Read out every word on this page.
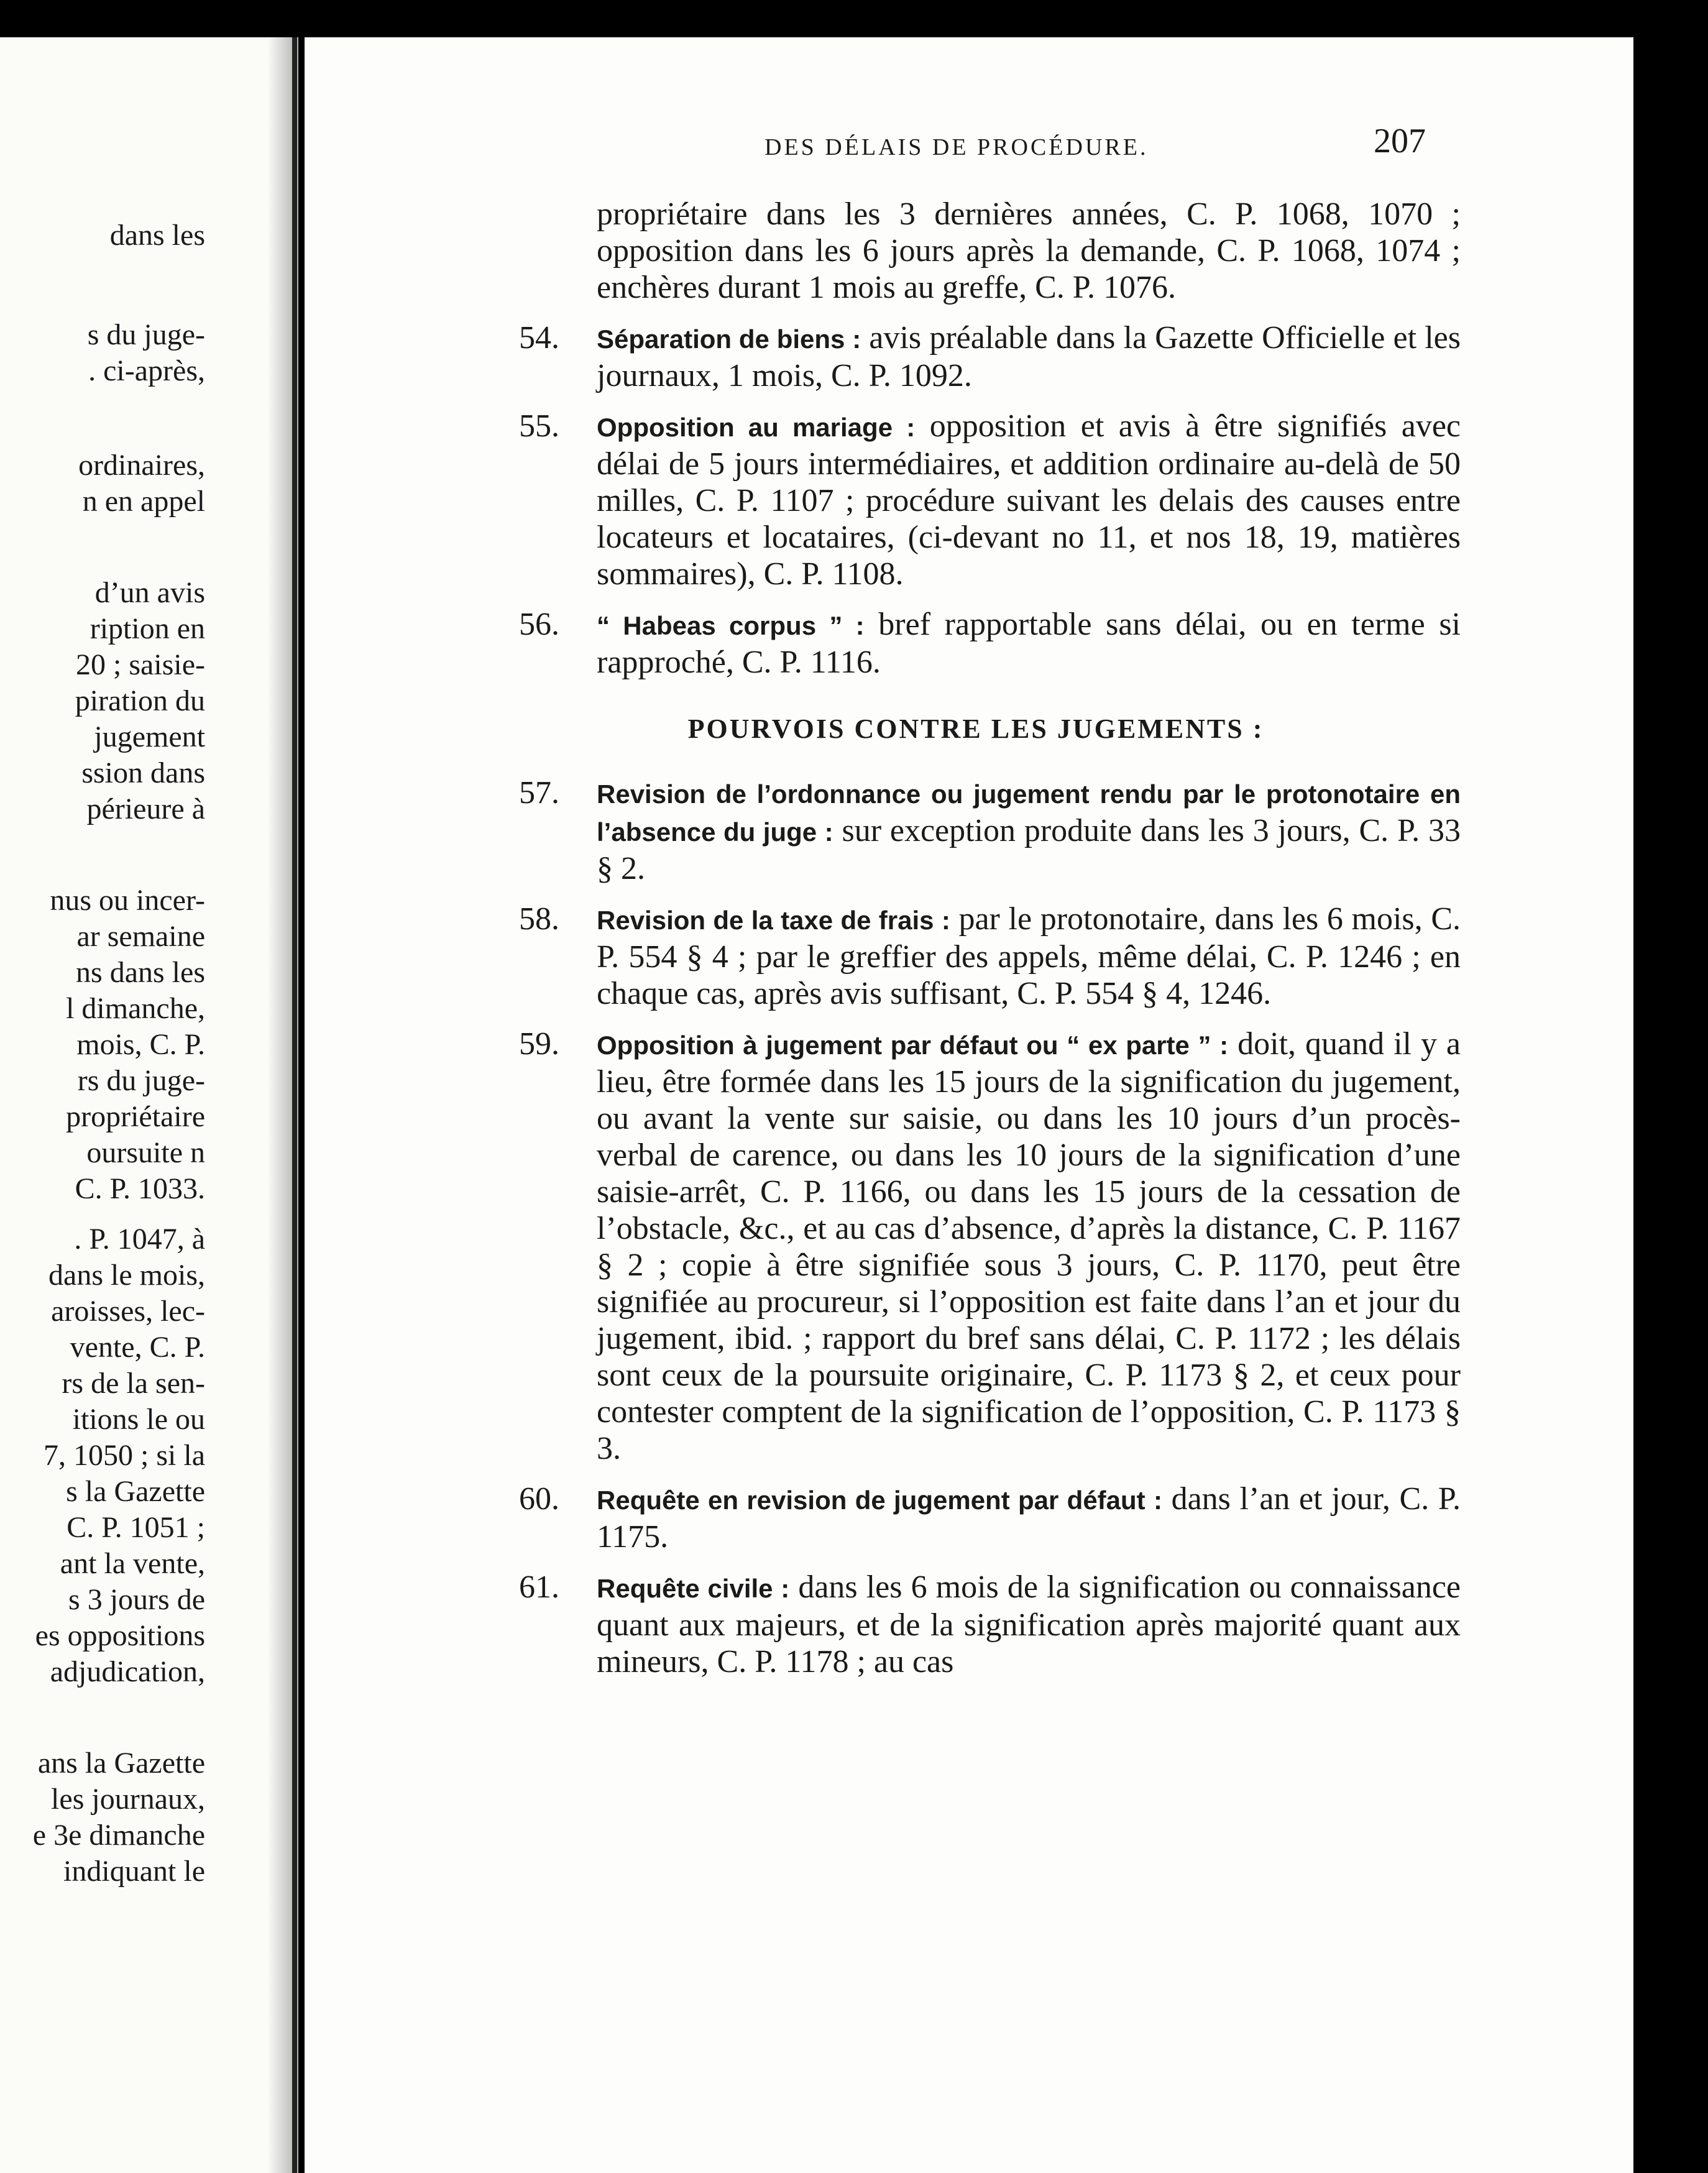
dans les
s du juge-
. ci-après,
ordinaires,
n en appel
d’un avis
ription en
20 ; saisie-
piration du
jugement
ssion dans
périeure à
nus ou incer-
ar semaine
ns dans les
l dimanche,
mois, C. P.
rs du juge-
propriétaire
oursuite n
C. P. 1033.
. P. 1047, à
dans le mois,
aroisses, lec-
vente, C. P.
rs de la sen-
itions le ou
7, 1050 ; si la
s la Gazette
C. P. 1051 ;
ant la vente,
s 3 jours de
es oppositions
adjudication,
ans la Gazette
les journaux,
e 3e dimanche
indiquant le
DES DÉLAIS DE PROCÉDURE.	207
propriétaire dans les 3 dernières années, C. P. 1068, 1070 ; opposition dans les 6 jours après la demande, C. P. 1068, 1074 ; enchères durant 1 mois au greffe, C. P. 1076.
54. Séparation de biens : avis préalable dans la Gazette Officielle et les journaux, 1 mois, C. P. 1092.
55. Opposition au mariage : opposition et avis à être signifiés avec délai de 5 jours intermédiaires, et addition ordinaire au-delà de 50 milles, C. P. 1107 ; procédure suivant les delais des causes entre locateurs et locataires, (ci-devant no 11, et nos 18, 19, matières sommaires), C. P. 1108.
56. “ Habeas corpus ” : bref rapportable sans délai, ou en terme si rapproché, C. P. 1116.
POURVOIS CONTRE LES JUGEMENTS :
57. Revision de l’ordonnance ou jugement rendu par le protonotaire en l’absence du juge : sur exception produite dans les 3 jours, C. P. 33 § 2.
58. Revision de la taxe de frais : par le protonotaire, dans les 6 mois, C. P. 554 § 4 ; par le greffier des appels, même délai, C. P. 1246 ; en chaque cas, après avis suffisant, C. P. 554 § 4, 1246.
59. Opposition à jugement par défaut ou “ ex parte ” : doit, quand il y a lieu, être formée dans les 15 jours de la signification du jugement, ou avant la vente sur saisie, ou dans les 10 jours d’un procès-verbal de carence, ou dans les 10 jours de la signification d’une saisie-arrêt, C. P. 1166, ou dans les 15 jours de la cessation de l’obstacle, &c., et au cas d’absence, d’après la distance, C. P. 1167 § 2 ; copie à être signifiée sous 3 jours, C. P. 1170, peut être signifiée au procureur, si l’opposition est faite dans l’an et jour du jugement, ibid. ; rapport du bref sans délai, C. P. 1172 ; les délais sont ceux de la poursuite originaire, C. P. 1173 § 2, et ceux pour contester comptent de la signification de l’opposition, C. P. 1173 § 3.
60. Requête en revision de jugement par défaut : dans l’an et jour, C. P. 1175.
61. Requête civile : dans les 6 mois de la signification ou connaissance quant aux majeurs, et de la signification après majorité quant aux mineurs, C. P. 1178 ; au cas
